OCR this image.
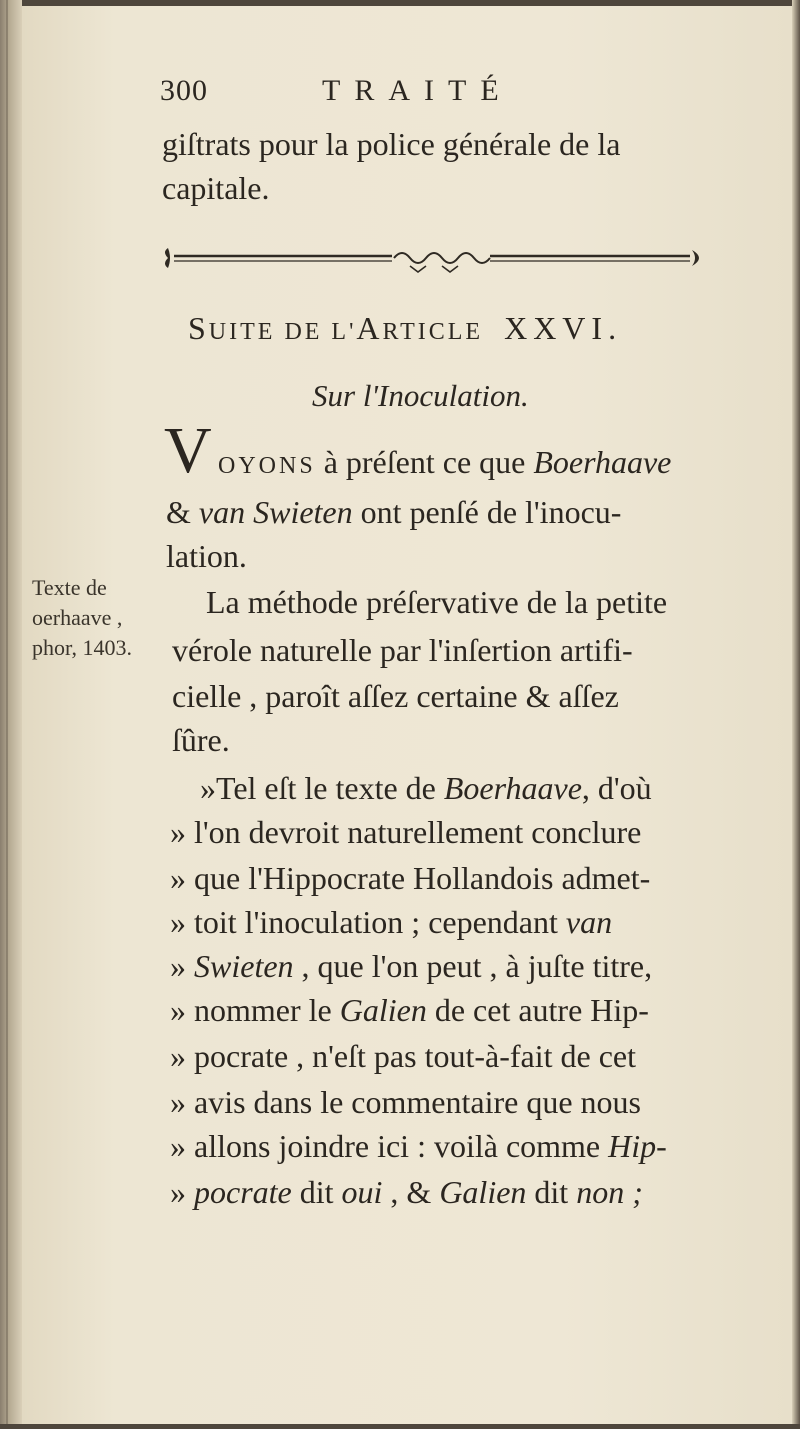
300	TRAITÉ
giſtrats pour la police générale de la
capitale.
SUITE DE L'ARTICLE XXVI.
Sur l'Inoculation.
V OYONS à préſent ce que Boerhaave
& van Swieten ont penſé de l'inocu-
lation.
La méthode préſervative de la petite
vérole naturelle par l'inſertion artifi-
cielle , paroît aſſez certaine & aſſez
ſûre.
»Tel eſt le texte de Boerhaave, d'où
» l'on devroit naturellement conclure
» que l'Hippocrate Hollandois admet-
» toit l'inoculation ; cependant van
» Swieten , que l'on peut , à juſte titre,
» nommer le Galien de cet autre Hip-
» pocrate , n'eſt pas tout-à-fait de cet
» avis dans le commentaire que nous
» allons joindre ici : voilà comme Hip-
» pocrate dit oui , & Galien dit non ;
Texte de
oerhaave ,
phor, 1403.
